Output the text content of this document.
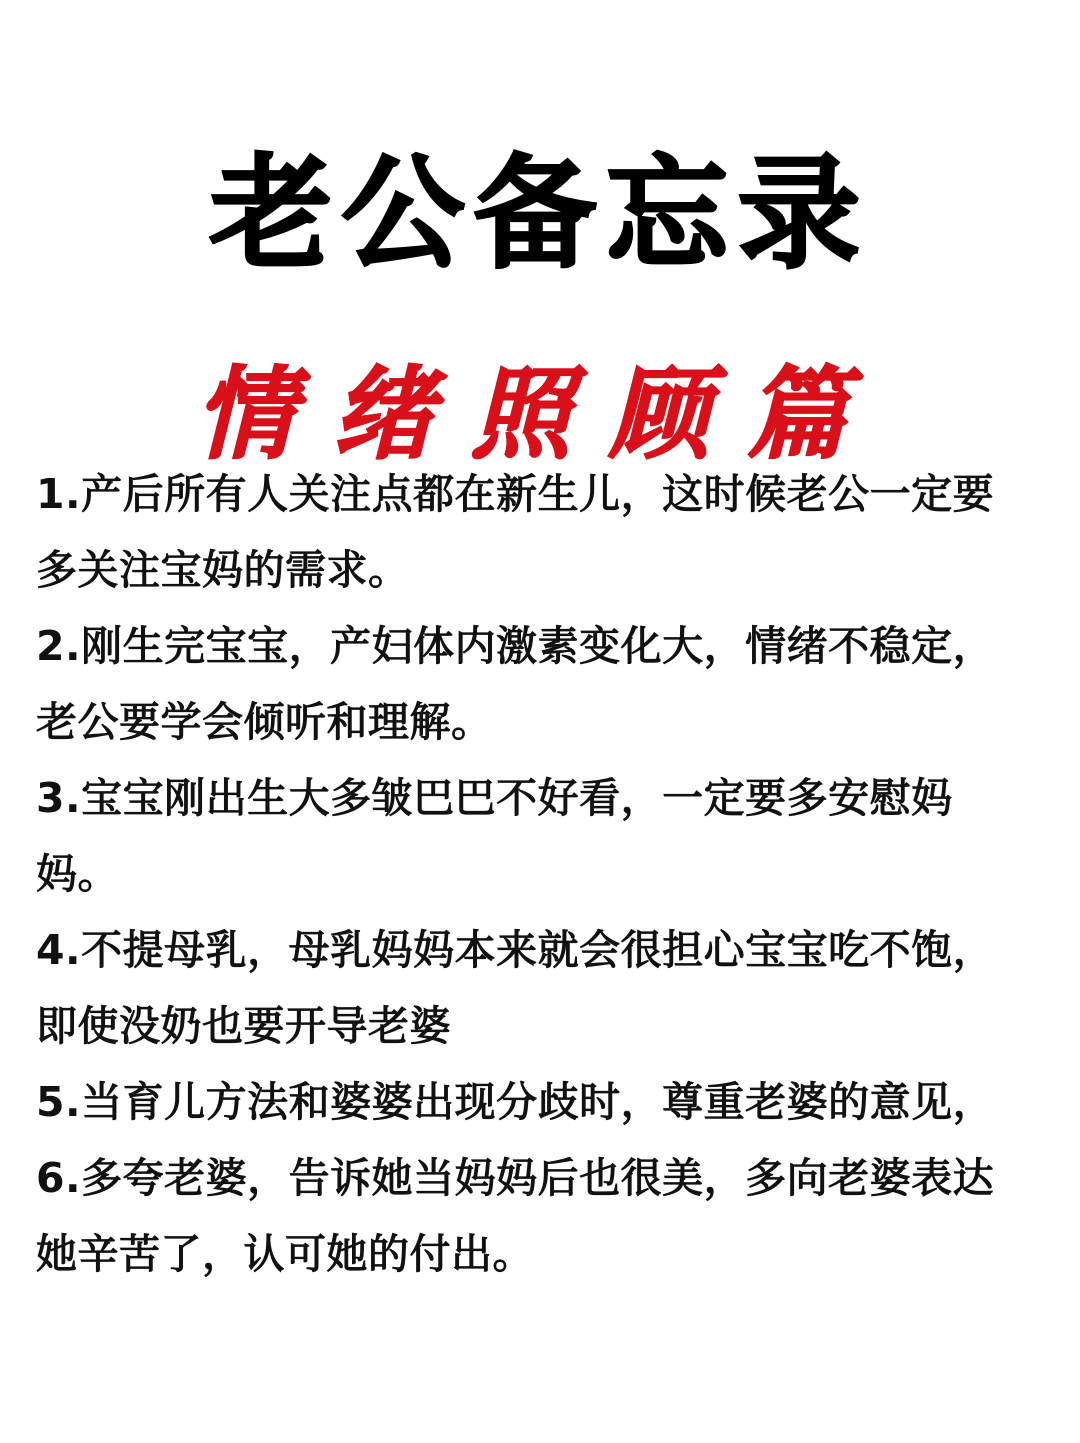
老公备忘录
情绪照顾篇
1.产后所有人关注点都在新生儿，这时候老公一定要多关注宝妈的需求。
2.刚生完宝宝，产妇体内激素变化大，情绪不稳定，老公要学会倾听和理解。
3.宝宝刚出生大多皱巴巴不好看，一定要多安慰妈妈。
4.不提母乳，母乳妈妈本来就会很担心宝宝吃不饱，即使没奶也要开导老婆
5.当育儿方法和婆婆出现分歧时，尊重老婆的意见，
6.多夸老婆，告诉她当妈妈后也很美，多向老婆表达她辛苦了，认可她的付出。
